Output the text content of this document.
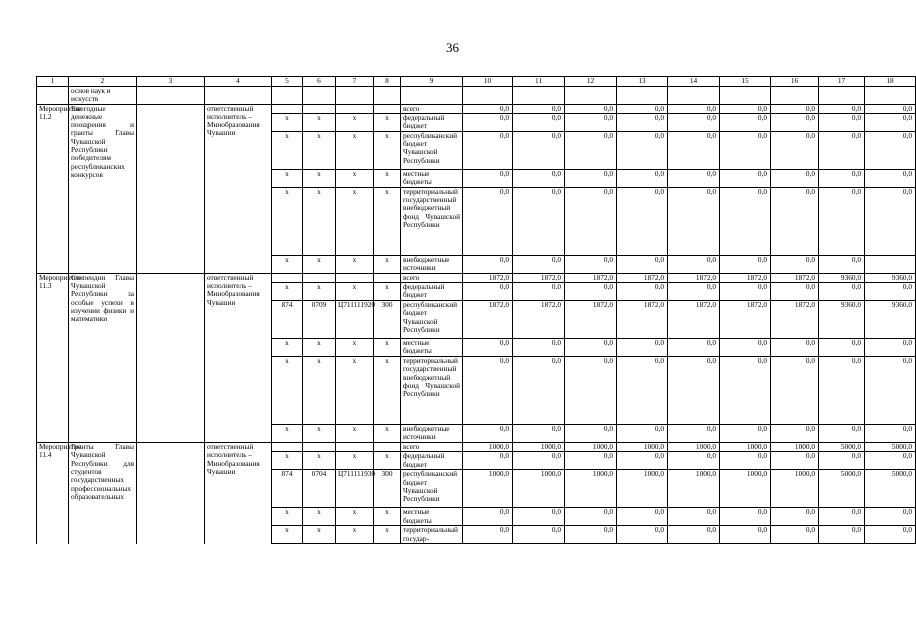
36
1	2	3	4	5	6	7	8	9	10	11	12	13	14	15	16	17	18
	основ наук и искусств																
Мероприятие 11.2	Ежегодные денежные поощрения и гранты Главы Чувашской Республики победителям республиканских конкурсов		ответственный исполнитель – Минобразования Чувашии					всего	0,0	0,0	0,0	0,0	0,0	0,0	0,0	0,0	0,0
				x	x	x	x	федеральный бюджет	0,0	0,0	0,0	0,0	0,0	0,0	0,0	0,0	0,0
				x	x	x	x	республиканский бюджет Чувашской Республики	0,0	0,0	0,0	0,0	0,0	0,0	0,0	0,0	0,0
				x	x	x	x	местные бюджеты	0,0	0,0	0,0	0,0	0,0	0,0	0,0	0,0	0,0
				x	x	x	x	территориальный государственный внебюджетный фонд Чувашской Республики	0,0	0,0	0,0	0,0	0,0	0,0	0,0	0,0	0,0
				x	x	x	x	внебюджетные источники	0,0	0,0	0,0	0,0	0,0	0,0	0,0	0,0	
Мероприятие 11.3	Стипендии Главы Чувашской Республики за особые успехи в изучении физики и математики		ответственный исполнитель – Минобразования Чувашии					всего	1872,0	1872,0	1872,0	1872,0	1872,0	1872,0	1872,0	9360,0	9360,0
				x	x	x	x	федеральный бюджет	0,0	0,0	0,0	0,0	0,0	0,0	0,0	0,0	0,0
				874	0709	Ц711111920	300	республиканский бюджет Чувашской Республики	1872,0	1872,0	1872,0	1872,0	1872,0	1872,0	1872,0	9360,0	9360,0
				x	x	x	x	местные бюджеты	0,0	0,0	0,0	0,0	0,0	0,0	0,0	0,0	0,0
				x	x	x	x	территориальный государственный внебюджетный фонд Чувашской Республики	0,0	0,0	0,0	0,0	0,0	0,0	0,0	0,0	0,0
				x	x	x	x	внебюджетные источники	0,0	0,0	0,0	0,0	0,0	0,0	0,0	0,0	0,0
Мероприятие 11.4	Гранты Главы Чувашской Республики для студентов государственных профессиональных образовательных		ответственный исполнитель – Минобразования Чувашии					всего	1000,0	1000,0	1000,0	1000,0	1000,0	1000,0	1000,0	5000,0	5000,0
				x	x	x	x	федеральный бюджет	0,0	0,0	0,0	0,0	0,0	0,0	0,0	0,0	0,0
				874	0704	Ц711111930	300	республиканский бюджет Чувашской Республики	1000,0	1000,0	1000,0	1000,0	1000,0	1000,0	1000,0	5000,0	5000,0
				x	x	x	x	местные бюджеты	0,0	0,0	0,0	0,0	0,0	0,0	0,0	0,0	0,0
				x	x	x	x	территориальный государ-	0,0	0,0	0,0	0,0	0,0	0,0	0,0	0,0	0,0
